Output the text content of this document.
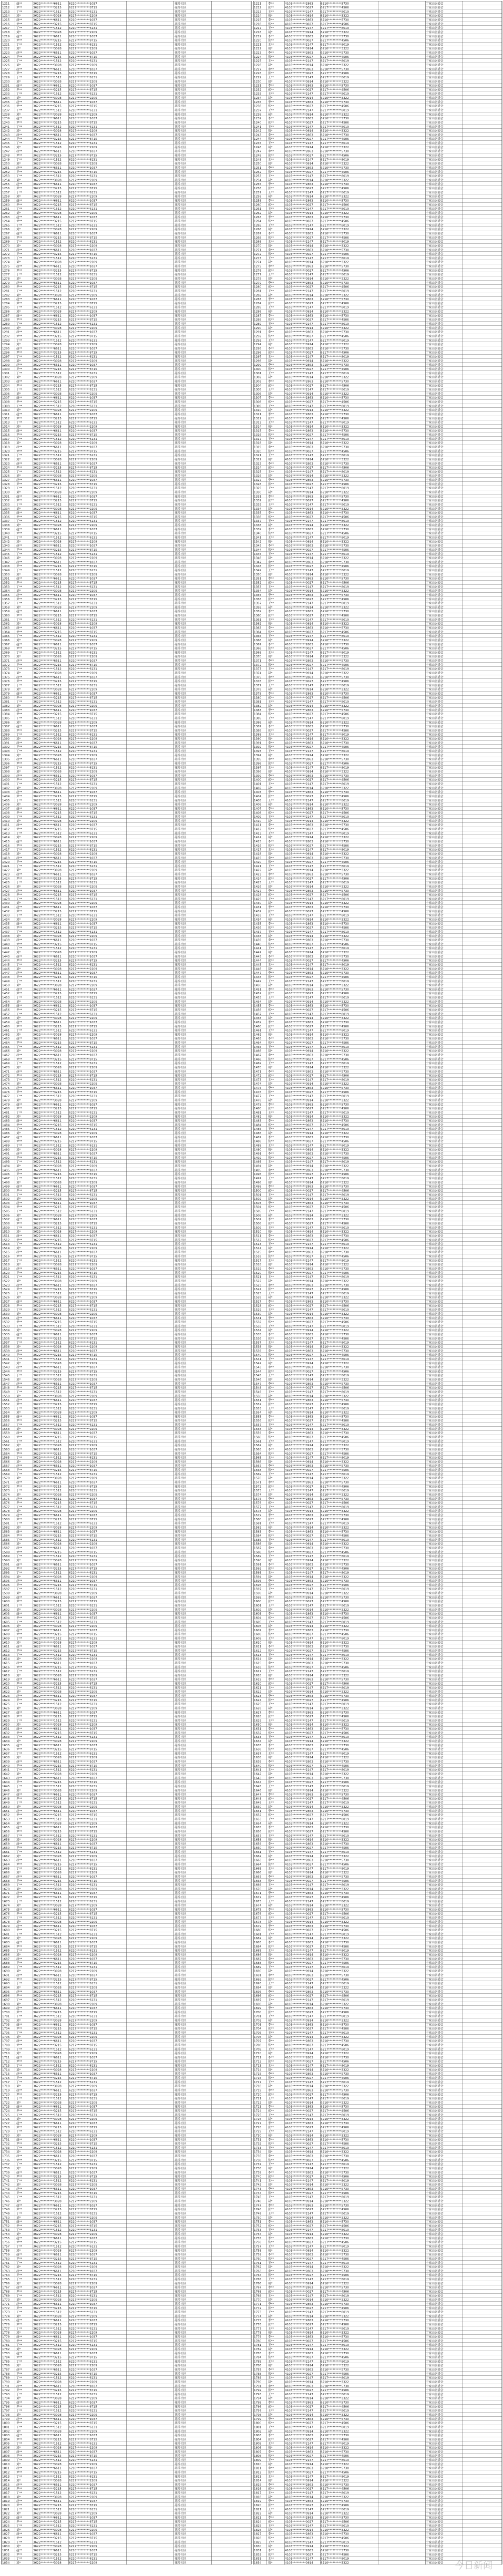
1211 赵**	3622*********6611	6210*********1037	花桥社区	1211 李**	4103*********2863	6210*********5730	宁家山居委会
1212 尹**	3622*********3215	6217*********8715	花桥社区	1212 张**	4103*********0027	6217*********4506	宁家山居委会
1213 丁**	3622*********1512	6210*********6131	花桥社区	1213 王**	4103*********2147	6217*********8019	宁家山居委会
1214 刘*	3622*********3028	6217*********2209	花桥社区	1214 胡*	4103*********0914	6210*********3322	宁家山居委会
1215 赵**	3622*********6611	6210*********1037	花桥社区	1215 李**	4103*********2863	6210*********5730	宁家山居委会
1216 尹**	3622*********3215	6217*********8715	花桥社区	1216 张**	4103*********0027	6217*********4506	宁家山居委会
1217 丁**	3622*********1512	6210*********6131	花桥社区	1217 王**	4103*********2147	6217*********8019	宁家山居委会
1218 刘*	3622*********3028	6217*********2209	花桥社区	1218 胡*	4103*********0914	6210*********3322	宁家山居委会
1219 赵**	3622*********6611	6210*********1037	花桥社区	1219 李**	4103*********2863	6210*********5730	宁家山居委会
1220 尹**	3622*********3215	6217*********8715	花桥社区	1220 张**	4103*********0027	6217*********4506	宁家山居委会
1221 丁**	3622*********1512	6210*********6131	花桥社区	1221 王**	4103*********2147	6217*********8019	宁家山居委会
1222 刘*	3622*********3028	6217*********2209	花桥社区	1222 胡*	4103*********0914	6210*********3322	宁家山居委会
1223 赵**	3622*********6611	6210*********1037	花桥社区	1223 李**	4103*********2863	6210*********5730	宁家山居委会
1224 尹**	3622*********3215	6217*********8715	花桥社区	1224 张**	4103*********0027	6217*********4506	宁家山居委会
1225 丁**	3622*********1512	6210*********6131	花桥社区	1225 王**	4103*********2147	6217*********8019	宁家山居委会
1226 刘*	3622*********3028	6217*********2209	花桥社区	1226 胡*	4103*********0914	6210*********3322	宁家山居委会
1227 赵**	3622*********6611	6210*********1037	花桥社区	1227 李**	4103*********2863	6210*********5730	宁家山居委会
1228 尹**	3622*********3215	6217*********8715	花桥社区	1228 张**	4103*********0027	6217*********4506	宁家山居委会
1229 丁**	3622*********1512	6210*********6131	花桥社区	1229 王**	4103*********2147	6217*********8019	宁家山居委会
1230 刘*	3622*********3028	6217*********2209	花桥社区	1230 胡*	4103*********0914	6210*********3322	宁家山居委会
1231 赵**	3622*********6611	6210*********1037	花桥社区	1231 李**	4103*********2863	6210*********5730	宁家山居委会
1232 尹**	3622*********3215	6217*********8715	花桥社区	1232 张**	4103*********0027	6217*********4506	宁家山居委会
1233 丁**	3622*********1512	6210*********6131	花桥社区	1233 王**	4103*********2147	6217*********8019	宁家山居委会
1234 刘*	3622*********3028	6217*********2209	花桥社区	1234 胡*	4103*********0914	6210*********3322	宁家山居委会
1235 赵**	3622*********6611	6210*********1037	花桥社区	1235 李**	4103*********2863	6210*********5730	宁家山居委会
1236 尹**	3622*********3215	6217*********8715	花桥社区	1236 张**	4103*********0027	6217*********4506	宁家山居委会
1237 丁**	3622*********1512	6210*********6131	花桥社区	1237 王**	4103*********2147	6217*********8019	宁家山居委会
1238 刘*	3622*********3028	6217*********2209	花桥社区	1238 胡*	4103*********0914	6210*********3322	宁家山居委会
1239 赵**	3622*********6611	6210*********1037	花桥社区	1239 李**	4103*********2863	6210*********5730	宁家山居委会
1240 尹**	3622*********3215	6217*********8715	花桥社区	1240 张**	4103*********0027	6217*********4506	宁家山居委会
1241 丁**	3622*********1512	6210*********6131	花桥社区	1241 王**	4103*********2147	6217*********8019	宁家山居委会
1242 刘*	3622*********3028	6217*********2209	花桥社区	1242 胡*	4103*********0914	6210*********3322	宁家山居委会
1243 赵**	3622*********6611	6210*********1037	花桥社区	1243 李**	4103*********2863	6210*********5730	宁家山居委会
1244 尹**	3622*********3215	6217*********8715	花桥社区	1244 张**	4103*********0027	6217*********4506	宁家山居委会
1245 丁**	3622*********1512	6210*********6131	花桥社区	1245 王**	4103*********2147	6217*********8019	宁家山居委会
1246 刘*	3622*********3028	6217*********2209	花桥社区	1246 胡*	4103*********0914	6210*********3322	宁家山居委会
1247 赵**	3622*********6611	6210*********1037	花桥社区	1247 李**	4103*********2863	6210*********5730	宁家山居委会
1248 尹**	3622*********3215	6217*********8715	花桥社区	1248 张**	4103*********0027	6217*********4506	宁家山居委会
1249 丁**	3622*********1512	6210*********6131	花桥社区	1249 王**	4103*********2147	6217*********8019	宁家山居委会
1250 刘*	3622*********3028	6217*********2209	花桥社区	1250 胡*	4103*********0914	6210*********3322	宁家山居委会
1251 赵**	3622*********6611	6210*********1037	花桥社区	1251 李**	4103*********2863	6210*********5730	宁家山居委会
1252 尹**	3622*********3215	6217*********8715	花桥社区	1252 张**	4103*********0027	6217*********4506	宁家山居委会
1253 丁**	3622*********1512	6210*********6131	花桥社区	1253 王**	4103*********2147	6217*********8019	宁家山居委会
1254 刘*	3622*********3028	6217*********2209	花桥社区	1254 胡*	4103*********0914	6210*********3322	宁家山居委会
1255 赵**	3622*********6611	6210*********1037	花桥社区	1255 李**	4103*********2863	6210*********5730	宁家山居委会
1256 尹**	3622*********3215	6217*********8715	花桥社区	1256 张**	4103*********0027	6217*********4506	宁家山居委会
1257 丁**	3622*********1512	6210*********6131	花桥社区	1257 王**	4103*********2147	6217*********8019	宁家山居委会
1258 刘*	3622*********3028	6217*********2209	花桥社区	1258 胡*	4103*********0914	6210*********3322	宁家山居委会
1259 赵**	3622*********6611	6210*********1037	花桥社区	1259 李**	4103*********2863	6210*********5730	宁家山居委会
1260 尹**	3622*********3215	6217*********8715	花桥社区	1260 张**	4103*********0027	6217*********4506	宁家山居委会
1261 丁**	3622*********1512	6210*********6131	花桥社区	1261 王**	4103*********2147	6217*********8019	宁家山居委会
1262 刘*	3622*********3028	6217*********2209	花桥社区	1262 胡*	4103*********0914	6210*********3322	宁家山居委会
1263 赵**	3622*********6611	6210*********1037	花桥社区	1263 李**	4103*********2863	6210*********5730	宁家山居委会
1264 尹**	3622*********3215	6217*********8715	花桥社区	1264 张**	4103*********0027	6217*********4506	宁家山居委会
1265 丁**	3622*********1512	6210*********6131	花桥社区	1265 王**	4103*********2147	6217*********8019	宁家山居委会
1266 刘*	3622*********3028	6217*********2209	花桥社区	1266 胡*	4103*********0914	6210*********3322	宁家山居委会
1267 赵**	3622*********6611	6210*********1037	花桥社区	1267 李**	4103*********2863	6210*********5730	宁家山居委会
1268 尹**	3622*********3215	6217*********8715	花桥社区	1268 张**	4103*********0027	6217*********4506	宁家山居委会
1269 丁**	3622*********1512	6210*********6131	花桥社区	1269 王**	4103*********2147	6217*********8019	宁家山居委会
1270 刘*	3622*********3028	6217*********2209	花桥社区	1270 胡*	4103*********0914	6210*********3322	宁家山居委会
1271 赵**	3622*********6611	6210*********1037	花桥社区	1271 李**	4103*********2863	6210*********5730	宁家山居委会
1272 尹**	3622*********3215	6217*********8715	花桥社区	1272 张**	4103*********0027	6217*********4506	宁家山居委会
1273 丁**	3622*********1512	6210*********6131	花桥社区	1273 王**	4103*********2147	6217*********8019	宁家山居委会
1274 刘*	3622*********3028	6217*********2209	花桥社区	1274 胡*	4103*********0914	6210*********3322	宁家山居委会
1275 赵**	3622*********6611	6210*********1037	花桥社区	1275 李**	4103*********2863	6210*********5730	宁家山居委会
1276 尹**	3622*********3215	6217*********8715	花桥社区	1276 张**	4103*********0027	6217*********4506	宁家山居委会
1277 丁**	3622*********1512	6210*********6131	花桥社区	1277 王**	4103*********2147	6217*********8019	宁家山居委会
1278 刘*	3622*********3028	6217*********2209	花桥社区	1278 胡*	4103*********0914	6210*********3322	宁家山居委会
1279 赵**	3622*********6611	6210*********1037	花桥社区	1279 李**	4103*********2863	6210*********5730	宁家山居委会
1280 尹**	3622*********3215	6217*********8715	花桥社区	1280 张**	4103*********0027	6217*********4506	宁家山居委会
1281 丁**	3622*********1512	6210*********6131	花桥社区	1281 王**	4103*********2147	6217*********8019	宁家山居委会
1282 刘*	3622*********3028	6217*********2209	花桥社区	1282 胡*	4103*********0914	6210*********3322	宁家山居委会
1283 赵**	3622*********6611	6210*********1037	花桥社区	1283 李**	4103*********2863	6210*********5730	宁家山居委会
1284 尹**	3622*********3215	6217*********8715	花桥社区	1284 张**	4103*********0027	6217*********4506	宁家山居委会
1285 丁**	3622*********1512	6210*********6131	花桥社区	1285 王**	4103*********2147	6217*********8019	宁家山居委会
1286 刘*	3622*********3028	6217*********2209	花桥社区	1286 胡*	4103*********0914	6210*********3322	宁家山居委会
1287 赵**	3622*********6611	6210*********1037	花桥社区	1287 李**	4103*********2863	6210*********5730	宁家山居委会
1288 尹**	3622*********3215	6217*********8715	花桥社区	1288 张**	4103*********0027	6217*********4506	宁家山居委会
1289 丁**	3622*********1512	6210*********6131	花桥社区	1289 王**	4103*********2147	6217*********8019	宁家山居委会
1290 刘*	3622*********3028	6217*********2209	花桥社区	1290 胡*	4103*********0914	6210*********3322	宁家山居委会
1291 赵**	3622*********6611	6210*********1037	花桥社区	1291 李**	4103*********2863	6210*********5730	宁家山居委会
1292 尹**	3622*********3215	6217*********8715	花桥社区	1292 张**	4103*********0027	6217*********4506	宁家山居委会
1293 丁**	3622*********1512	6210*********6131	花桥社区	1293 王**	4103*********2147	6217*********8019	宁家山居委会
1294 刘*	3622*********3028	6217*********2209	花桥社区	1294 胡*	4103*********0914	6210*********3322	宁家山居委会
1295 赵**	3622*********6611	6210*********1037	花桥社区	1295 李**	4103*********2863	6210*********5730	宁家山居委会
1296 尹**	3622*********3215	6217*********8715	花桥社区	1296 张**	4103*********0027	6217*********4506	宁家山居委会
1297 丁**	3622*********1512	6210*********6131	花桥社区	1297 王**	4103*********2147	6217*********8019	宁家山居委会
1298 刘*	3622*********3028	6217*********2209	花桥社区	1298 胡*	4103*********0914	6210*********3322	宁家山居委会
1299 赵**	3622*********6611	6210*********1037	花桥社区	1299 李**	4103*********2863	6210*********5730	宁家山居委会
1300 尹**	3622*********3215	6217*********8715	花桥社区	1300 张**	4103*********0027	6217*********4506	宁家山居委会
1301 丁**	3622*********1512	6210*********6131	花桥社区	1301 王**	4103*********2147	6217*********8019	宁家山居委会
1302 刘*	3622*********3028	6217*********2209	花桥社区	1302 胡*	4103*********0914	6210*********3322	宁家山居委会
1303 赵**	3622*********6611	6210*********1037	花桥社区	1303 李**	4103*********2863	6210*********5730	宁家山居委会
1304 尹**	3622*********3215	6217*********8715	花桥社区	1304 张**	4103*********0027	6217*********4506	宁家山居委会
1305 丁**	3622*********1512	6210*********6131	花桥社区	1305 王**	4103*********2147	6217*********8019	宁家山居委会
1306 刘*	3622*********3028	6217*********2209	花桥社区	1306 胡*	4103*********0914	6210*********3322	宁家山居委会
1307 赵**	3622*********6611	6210*********1037	花桥社区	1307 李**	4103*********2863	6210*********5730	宁家山居委会
1308 尹**	3622*********3215	6217*********8715	花桥社区	1308 张**	4103*********0027	6217*********4506	宁家山居委会
1309 丁**	3622*********1512	6210*********6131	花桥社区	1309 王**	4103*********2147	6217*********8019	宁家山居委会
1310 刘*	3622*********3028	6217*********2209	花桥社区	1310 胡*	4103*********0914	6210*********3322	宁家山居委会
1311 赵**	3622*********6611	6210*********1037	花桥社区	1311 李**	4103*********2863	6210*********5730	宁家山居委会
1312 尹**	3622*********3215	6217*********8715	花桥社区	1312 张**	4103*********0027	6217*********4506	宁家山居委会
1313 丁**	3622*********1512	6210*********6131	花桥社区	1313 王**	4103*********2147	6217*********8019	宁家山居委会
1314 刘*	3622*********3028	6217*********2209	花桥社区	1314 胡*	4103*********0914	6210*********3322	宁家山居委会
1315 赵**	3622*********6611	6210*********1037	花桥社区	1315 李**	4103*********2863	6210*********5730	宁家山居委会
1316 尹**	3622*********3215	6217*********8715	花桥社区	1316 张**	4103*********0027	6217*********4506	宁家山居委会
1317 丁**	3622*********1512	6210*********6131	花桥社区	1317 王**	4103*********2147	6217*********8019	宁家山居委会
1318 刘*	3622*********3028	6217*********2209	花桥社区	1318 胡*	4103*********0914	6210*********3322	宁家山居委会
1319 赵**	3622*********6611	6210*********1037	花桥社区	1319 李**	4103*********2863	6210*********5730	宁家山居委会
1320 尹**	3622*********3215	6217*********8715	花桥社区	1320 张**	4103*********0027	6217*********4506	宁家山居委会
1321 丁**	3622*********1512	6210*********6131	花桥社区	1321 王**	4103*********2147	6217*********8019	宁家山居委会
1322 刘*	3622*********3028	6217*********2209	花桥社区	1322 胡*	4103*********0914	6210*********3322	宁家山居委会
1323 赵**	3622*********6611	6210*********1037	花桥社区	1323 李**	4103*********2863	6210*********5730	宁家山居委会
1324 尹**	3622*********3215	6217*********8715	花桥社区	1324 张**	4103*********0027	6217*********4506	宁家山居委会
1325 丁**	3622*********1512	6210*********6131	花桥社区	1325 王**	4103*********2147	6217*********8019	宁家山居委会
1326 刘*	3622*********3028	6217*********2209	花桥社区	1326 胡*	4103*********0914	6210*********3322	宁家山居委会
1327 赵**	3622*********6611	6210*********1037	花桥社区	1327 李**	4103*********2863	6210*********5730	宁家山居委会
1328 尹**	3622*********3215	6217*********8715	花桥社区	1328 张**	4103*********0027	6217*********4506	宁家山居委会
1329 丁**	3622*********1512	6210*********6131	花桥社区	1329 王**	4103*********2147	6217*********8019	宁家山居委会
1330 刘*	3622*********3028	6217*********2209	花桥社区	1330 胡*	4103*********0914	6210*********3322	宁家山居委会
1331 赵**	3622*********6611	6210*********1037	花桥社区	1331 李**	4103*********2863	6210*********5730	宁家山居委会
1332 尹**	3622*********3215	6217*********8715	花桥社区	1332 张**	4103*********0027	6217*********4506	宁家山居委会
1333 丁**	3622*********1512	6210*********6131	花桥社区	1333 王**	4103*********2147	6217*********8019	宁家山居委会
1334 刘*	3622*********3028	6217*********2209	花桥社区	1334 胡*	4103*********0914	6210*********3322	宁家山居委会
1335 赵**	3622*********6611	6210*********1037	花桥社区	1335 李**	4103*********2863	6210*********5730	宁家山居委会
1336 尹**	3622*********3215	6217*********8715	花桥社区	1336 张**	4103*********0027	6217*********4506	宁家山居委会
1337 丁**	3622*********1512	6210*********6131	花桥社区	1337 王**	4103*********2147	6217*********8019	宁家山居委会
1338 刘*	3622*********3028	6217*********2209	花桥社区	1338 胡*	4103*********0914	6210*********3322	宁家山居委会
1339 赵**	3622*********6611	6210*********1037	花桥社区	1339 李**	4103*********2863	6210*********5730	宁家山居委会
1340 尹**	3622*********3215	6217*********8715	花桥社区	1340 张**	4103*********0027	6217*********4506	宁家山居委会
1341 丁**	3622*********1512	6210*********6131	花桥社区	1341 王**	4103*********2147	6217*********8019	宁家山居委会
1342 刘*	3622*********3028	6217*********2209	花桥社区	1342 胡*	4103*********0914	6210*********3322	宁家山居委会
1343 赵**	3622*********6611	6210*********1037	花桥社区	1343 李**	4103*********2863	6210*********5730	宁家山居委会
1344 尹**	3622*********3215	6217*********8715	花桥社区	1344 张**	4103*********0027	6217*********4506	宁家山居委会
1345 丁**	3622*********1512	6210*********6131	花桥社区	1345 王**	4103*********2147	6217*********8019	宁家山居委会
1346 刘*	3622*********3028	6217*********2209	花桥社区	1346 胡*	4103*********0914	6210*********3322	宁家山居委会
1347 赵**	3622*********6611	6210*********1037	花桥社区	1347 李**	4103*********2863	6210*********5730	宁家山居委会
1348 尹**	3622*********3215	6217*********8715	花桥社区	1348 张**	4103*********0027	6217*********4506	宁家山居委会
1349 丁**	3622*********1512	6210*********6131	花桥社区	1349 王**	4103*********2147	6217*********8019	宁家山居委会
1350 刘*	3622*********3028	6217*********2209	花桥社区	1350 胡*	4103*********0914	6210*********3322	宁家山居委会
1351 赵**	3622*********6611	6210*********1037	花桥社区	1351 李**	4103*********2863	6210*********5730	宁家山居委会
1352 尹**	3622*********3215	6217*********8715	花桥社区	1352 张**	4103*********0027	6217*********4506	宁家山居委会
1353 丁**	3622*********1512	6210*********6131	花桥社区	1353 王**	4103*********2147	6217*********8019	宁家山居委会
1354 刘*	3622*********3028	6217*********2209	花桥社区	1354 胡*	4103*********0914	6210*********3322	宁家山居委会
1355 赵**	3622*********6611	6210*********1037	花桥社区	1355 李**	4103*********2863	6210*********5730	宁家山居委会
1356 尹**	3622*********3215	6217*********8715	花桥社区	1356 张**	4103*********0027	6217*********4506	宁家山居委会
1357 丁**	3622*********1512	6210*********6131	花桥社区	1357 王**	4103*********2147	6217*********8019	宁家山居委会
1358 刘*	3622*********3028	6217*********2209	花桥社区	1358 胡*	4103*********0914	6210*********3322	宁家山居委会
1359 赵**	3622*********6611	6210*********1037	花桥社区	1359 李**	4103*********2863	6210*********5730	宁家山居委会
1360 尹**	3622*********3215	6217*********8715	花桥社区	1360 张**	4103*********0027	6217*********4506	宁家山居委会
1361 丁**	3622*********1512	6210*********6131	花桥社区	1361 王**	4103*********2147	6217*********8019	宁家山居委会
1362 刘*	3622*********3028	6217*********2209	花桥社区	1362 胡*	4103*********0914	6210*********3322	宁家山居委会
1363 赵**	3622*********6611	6210*********1037	花桥社区	1363 李**	4103*********2863	6210*********5730	宁家山居委会
1364 尹**	3622*********3215	6217*********8715	花桥社区	1364 张**	4103*********0027	6217*********4506	宁家山居委会
1365 丁**	3622*********1512	6210*********6131	花桥社区	1365 王**	4103*********2147	6217*********8019	宁家山居委会
1366 刘*	3622*********3028	6217*********2209	花桥社区	1366 胡*	4103*********0914	6210*********3322	宁家山居委会
1367 赵**	3622*********6611	6210*********1037	花桥社区	1367 李**	4103*********2863	6210*********5730	宁家山居委会
1368 尹**	3622*********3215	6217*********8715	花桥社区	1368 张**	4103*********0027	6217*********4506	宁家山居委会
1369 丁**	3622*********1512	6210*********6131	花桥社区	1369 王**	4103*********2147	6217*********8019	宁家山居委会
1370 刘*	3622*********3028	6217*********2209	花桥社区	1370 胡*	4103*********0914	6210*********3322	宁家山居委会
1371 赵**	3622*********6611	6210*********1037	花桥社区	1371 李**	4103*********2863	6210*********5730	宁家山居委会
1372 尹**	3622*********3215	6217*********8715	花桥社区	1372 张**	4103*********0027	6217*********4506	宁家山居委会
1373 丁**	3622*********1512	6210*********6131	花桥社区	1373 王**	4103*********2147	6217*********8019	宁家山居委会
1374 刘*	3622*********3028	6217*********2209	花桥社区	1374 胡*	4103*********0914	6210*********3322	宁家山居委会
1375 赵**	3622*********6611	6210*********1037	花桥社区	1375 李**	4103*********2863	6210*********5730	宁家山居委会
1376 尹**	3622*********3215	6217*********8715	花桥社区	1376 张**	4103*********0027	6217*********4506	宁家山居委会
1377 丁**	3622*********1512	6210*********6131	花桥社区	1377 王**	4103*********2147	6217*********8019	宁家山居委会
1378 刘*	3622*********3028	6217*********2209	花桥社区	1378 胡*	4103*********0914	6210*********3322	宁家山居委会
1379 赵**	3622*********6611	6210*********1037	花桥社区	1379 李**	4103*********2863	6210*********5730	宁家山居委会
1380 尹**	3622*********3215	6217*********8715	花桥社区	1380 张**	4103*********0027	6217*********4506	宁家山居委会
1381 丁**	3622*********1512	6210*********6131	花桥社区	1381 王**	4103*********2147	6217*********8019	宁家山居委会
1382 刘*	3622*********3028	6217*********2209	花桥社区	1382 胡*	4103*********0914	6210*********3322	宁家山居委会
1383 赵**	3622*********6611	6210*********1037	花桥社区	1383 李**	4103*********2863	6210*********5730	宁家山居委会
1384 尹**	3622*********3215	6217*********8715	花桥社区	1384 张**	4103*********0027	6217*********4506	宁家山居委会
1385 丁**	3622*********1512	6210*********6131	花桥社区	1385 王**	4103*********2147	6217*********8019	宁家山居委会
1386 刘*	3622*********3028	6217*********2209	花桥社区	1386 胡*	4103*********0914	6210*********3322	宁家山居委会
1387 赵**	3622*********6611	6210*********1037	花桥社区	1387 李**	4103*********2863	6210*********5730	宁家山居委会
1388 尹**	3622*********3215	6217*********8715	花桥社区	1388 张**	4103*********0027	6217*********4506	宁家山居委会
1389 丁**	3622*********1512	6210*********6131	花桥社区	1389 王**	4103*********2147	6217*********8019	宁家山居委会
1390 刘*	3622*********3028	6217*********2209	花桥社区	1390 胡*	4103*********0914	6210*********3322	宁家山居委会
1391 赵**	3622*********6611	6210*********1037	花桥社区	1391 李**	4103*********2863	6210*********5730	宁家山居委会
1392 尹**	3622*********3215	6217*********8715	花桥社区	1392 张**	4103*********0027	6217*********4506	宁家山居委会
1393 丁**	3622*********1512	6210*********6131	花桥社区	1393 王**	4103*********2147	6217*********8019	宁家山居委会
1394 刘*	3622*********3028	6217*********2209	花桥社区	1394 胡*	4103*********0914	6210*********3322	宁家山居委会
1395 赵**	3622*********6611	6210*********1037	花桥社区	1395 李**	4103*********2863	6210*********5730	宁家山居委会
1396 尹**	3622*********3215	6217*********8715	花桥社区	1396 张**	4103*********0027	6217*********4506	宁家山居委会
1397 丁**	3622*********1512	6210*********6131	花桥社区	1397 王**	4103*********2147	6217*********8019	宁家山居委会
1398 刘*	3622*********3028	6217*********2209	花桥社区	1398 胡*	4103*********0914	6210*********3322	宁家山居委会
1399 赵**	3622*********6611	6210*********1037	花桥社区	1399 李**	4103*********2863	6210*********5730	宁家山居委会
1400 尹**	3622*********3215	6217*********8715	花桥社区	1400 张**	4103*********0027	6217*********4506	宁家山居委会
1401 丁**	3622*********1512	6210*********6131	花桥社区	1401 王**	4103*********2147	6217*********8019	宁家山居委会
1402 刘*	3622*********3028	6217*********2209	花桥社区	1402 胡*	4103*********0914	6210*********3322	宁家山居委会
1403 赵**	3622*********6611	6210*********1037	花桥社区	1403 李**	4103*********2863	6210*********5730	宁家山居委会
1404 尹**	3622*********3215	6217*********8715	花桥社区	1404 张**	4103*********0027	6217*********4506	宁家山居委会
1405 丁**	3622*********1512	6210*********6131	花桥社区	1405 王**	4103*********2147	6217*********8019	宁家山居委会
1406 刘*	3622*********3028	6217*********2209	花桥社区	1406 胡*	4103*********0914	6210*********3322	宁家山居委会
1407 赵**	3622*********6611	6210*********1037	花桥社区	1407 李**	4103*********2863	6210*********5730	宁家山居委会
1408 尹**	3622*********3215	6217*********8715	花桥社区	1408 张**	4103*********0027	6217*********4506	宁家山居委会
1409 丁**	3622*********1512	6210*********6131	花桥社区	1409 王**	4103*********2147	6217*********8019	宁家山居委会
1410 刘*	3622*********3028	6217*********2209	花桥社区	1410 胡*	4103*********0914	6210*********3322	宁家山居委会
1411 赵**	3622*********6611	6210*********1037	花桥社区	1411 李**	4103*********2863	6210*********5730	宁家山居委会
1412 尹**	3622*********3215	6217*********8715	花桥社区	1412 张**	4103*********0027	6217*********4506	宁家山居委会
1413 丁**	3622*********1512	6210*********6131	花桥社区	1413 王**	4103*********2147	6217*********8019	宁家山居委会
1414 刘*	3622*********3028	6217*********2209	花桥社区	1414 胡*	4103*********0914	6210*********3322	宁家山居委会
1415 赵**	3622*********6611	6210*********1037	花桥社区	1415 李**	4103*********2863	6210*********5730	宁家山居委会
1416 尹**	3622*********3215	6217*********8715	花桥社区	1416 张**	4103*********0027	6217*********4506	宁家山居委会
1417 丁**	3622*********1512	6210*********6131	花桥社区	1417 王**	4103*********2147	6217*********8019	宁家山居委会
1418 刘*	3622*********3028	6217*********2209	花桥社区	1418 胡*	4103*********0914	6210*********3322	宁家山居委会
1419 赵**	3622*********6611	6210*********1037	花桥社区	1419 李**	4103*********2863	6210*********5730	宁家山居委会
1420 尹**	3622*********3215	6217*********8715	花桥社区	1420 张**	4103*********0027	6217*********4506	宁家山居委会
1421 丁**	3622*********1512	6210*********6131	花桥社区	1421 王**	4103*********2147	6217*********8019	宁家山居委会
1422 刘*	3622*********3028	6217*********2209	花桥社区	1422 胡*	4103*********0914	6210*********3322	宁家山居委会
1423 赵**	3622*********6611	6210*********1037	花桥社区	1423 李**	4103*********2863	6210*********5730	宁家山居委会
1424 尹**	3622*********3215	6217*********8715	花桥社区	1424 张**	4103*********0027	6217*********4506	宁家山居委会
1425 丁**	3622*********1512	6210*********6131	花桥社区	1425 王**	4103*********2147	6217*********8019	宁家山居委会
1426 刘*	3622*********3028	6217*********2209	花桥社区	1426 胡*	4103*********0914	6210*********3322	宁家山居委会
1427 赵**	3622*********6611	6210*********1037	花桥社区	1427 李**	4103*********2863	6210*********5730	宁家山居委会
1428 尹**	3622*********3215	6217*********8715	花桥社区	1428 张**	4103*********0027	6217*********4506	宁家山居委会
1429 丁**	3622*********1512	6210*********6131	花桥社区	1429 王**	4103*********2147	6217*********8019	宁家山居委会
1430 刘*	3622*********3028	6217*********2209	花桥社区	1430 胡*	4103*********0914	6210*********3322	宁家山居委会
1431 赵**	3622*********6611	6210*********1037	花桥社区	1431 李**	4103*********2863	6210*********5730	宁家山居委会
1432 尹**	3622*********3215	6217*********8715	花桥社区	1432 张**	4103*********0027	6217*********4506	宁家山居委会
1433 丁**	3622*********1512	6210*********6131	花桥社区	1433 王**	4103*********2147	6217*********8019	宁家山居委会
1434 刘*	3622*********3028	6217*********2209	花桥社区	1434 胡*	4103*********0914	6210*********3322	宁家山居委会
1435 赵**	3622*********6611	6210*********1037	花桥社区	1435 李**	4103*********2863	6210*********5730	宁家山居委会
1436 尹**	3622*********3215	6217*********8715	花桥社区	1436 张**	4103*********0027	6217*********4506	宁家山居委会
1437 丁**	3622*********1512	6210*********6131	花桥社区	1437 王**	4103*********2147	6217*********8019	宁家山居委会
1438 刘*	3622*********3028	6217*********2209	花桥社区	1438 胡*	4103*********0914	6210*********3322	宁家山居委会
1439 赵**	3622*********6611	6210*********1037	花桥社区	1439 李**	4103*********2863	6210*********5730	宁家山居委会
1440 尹**	3622*********3215	6217*********8715	花桥社区	1440 张**	4103*********0027	6217*********4506	宁家山居委会
1441 丁**	3622*********1512	6210*********6131	花桥社区	1441 王**	4103*********2147	6217*********8019	宁家山居委会
1442 刘*	3622*********3028	6217*********2209	花桥社区	1442 胡*	4103*********0914	6210*********3322	宁家山居委会
1443 赵**	3622*********6611	6210*********1037	花桥社区	1443 李**	4103*********2863	6210*********5730	宁家山居委会
1444 尹**	3622*********3215	6217*********8715	花桥社区	1444 张**	4103*********0027	6217*********4506	宁家山居委会
1445 丁**	3622*********1512	6210*********6131	花桥社区	1445 王**	4103*********2147	6217*********8019	宁家山居委会
1446 刘*	3622*********3028	6217*********2209	花桥社区	1446 胡*	4103*********0914	6210*********3322	宁家山居委会
1447 赵**	3622*********6611	6210*********1037	花桥社区	1447 李**	4103*********2863	6210*********5730	宁家山居委会
1448 尹**	3622*********3215	6217*********8715	花桥社区	1448 张**	4103*********0027	6217*********4506	宁家山居委会
1449 丁**	3622*********1512	6210*********6131	花桥社区	1449 王**	4103*********2147	6217*********8019	宁家山居委会
1450 刘*	3622*********3028	6217*********2209	花桥社区	1450 胡*	4103*********0914	6210*********3322	宁家山居委会
1451 赵**	3622*********6611	6210*********1037	花桥社区	1451 李**	4103*********2863	6210*********5730	宁家山居委会
1452 尹**	3622*********3215	6217*********8715	花桥社区	1452 张**	4103*********0027	6217*********4506	宁家山居委会
1453 丁**	3622*********1512	6210*********6131	花桥社区	1453 王**	4103*********2147	6217*********8019	宁家山居委会
1454 刘*	3622*********3028	6217*********2209	花桥社区	1454 胡*	4103*********0914	6210*********3322	宁家山居委会
1455 赵**	3622*********6611	6210*********1037	花桥社区	1455 李**	4103*********2863	6210*********5730	宁家山居委会
1456 尹**	3622*********3215	6217*********8715	花桥社区	1456 张**	4103*********0027	6217*********4506	宁家山居委会
1457 丁**	3622*********1512	6210*********6131	花桥社区	1457 王**	4103*********2147	6217*********8019	宁家山居委会
1458 刘*	3622*********3028	6217*********2209	花桥社区	1458 胡*	4103*********0914	6210*********3322	宁家山居委会
1459 赵**	3622*********6611	6210*********1037	花桥社区	1459 李**	4103*********2863	6210*********5730	宁家山居委会
1460 尹**	3622*********3215	6217*********8715	花桥社区	1460 张**	4103*********0027	6217*********4506	宁家山居委会
1461 丁**	3622*********1512	6210*********6131	花桥社区	1461 王**	4103*********2147	6217*********8019	宁家山居委会
1462 刘*	3622*********3028	6217*********2209	花桥社区	1462 胡*	4103*********0914	6210*********3322	宁家山居委会
1463 赵**	3622*********6611	6210*********1037	花桥社区	1463 李**	4103*********2863	6210*********5730	宁家山居委会
1464 尹**	3622*********3215	6217*********8715	花桥社区	1464 张**	4103*********0027	6217*********4506	宁家山居委会
1465 丁**	3622*********1512	6210*********6131	花桥社区	1465 王**	4103*********2147	6217*********8019	宁家山居委会
1466 刘*	3622*********3028	6217*********2209	花桥社区	1466 胡*	4103*********0914	6210*********3322	宁家山居委会
1467 赵**	3622*********6611	6210*********1037	花桥社区	1467 李**	4103*********2863	6210*********5730	宁家山居委会
1468 尹**	3622*********3215	6217*********8715	花桥社区	1468 张**	4103*********0027	6217*********4506	宁家山居委会
1469 丁**	3622*********1512	6210*********6131	花桥社区	1469 王**	4103*********2147	6217*********8019	宁家山居委会
1470 刘*	3622*********3028	6217*********2209	花桥社区	1470 胡*	4103*********0914	6210*********3322	宁家山居委会
1471 赵**	3622*********6611	6210*********1037	花桥社区	1471 李**	4103*********2863	6210*********5730	宁家山居委会
1472 尹**	3622*********3215	6217*********8715	花桥社区	1472 张**	4103*********0027	6217*********4506	宁家山居委会
1473 丁**	3622*********1512	6210*********6131	花桥社区	1473 王**	4103*********2147	6217*********8019	宁家山居委会
1474 刘*	3622*********3028	6217*********2209	花桥社区	1474 胡*	4103*********0914	6210*********3322	宁家山居委会
1475 赵**	3622*********6611	6210*********1037	花桥社区	1475 李**	4103*********2863	6210*********5730	宁家山居委会
1476 尹**	3622*********3215	6217*********8715	花桥社区	1476 张**	4103*********0027	6217*********4506	宁家山居委会
1477 丁**	3622*********1512	6210*********6131	花桥社区	1477 王**	4103*********2147	6217*********8019	宁家山居委会
1478 刘*	3622*********3028	6217*********2209	花桥社区	1478 胡*	4103*********0914	6210*********3322	宁家山居委会
1479 赵**	3622*********6611	6210*********1037	花桥社区	1479 李**	4103*********2863	6210*********5730	宁家山居委会
1480 尹**	3622*********3215	6217*********8715	花桥社区	1480 张**	4103*********0027	6217*********4506	宁家山居委会
1481 丁**	3622*********1512	6210*********6131	花桥社区	1481 王**	4103*********2147	6217*********8019	宁家山居委会
1482 刘*	3622*********3028	6217*********2209	花桥社区	1482 胡*	4103*********0914	6210*********3322	宁家山居委会
1483 赵**	3622*********6611	6210*********1037	花桥社区	1483 李**	4103*********2863	6210*********5730	宁家山居委会
1484 尹**	3622*********3215	6217*********8715	花桥社区	1484 张**	4103*********0027	6217*********4506	宁家山居委会
1485 丁**	3622*********1512	6210*********6131	花桥社区	1485 王**	4103*********2147	6217*********8019	宁家山居委会
1486 刘*	3622*********3028	6217*********2209	花桥社区	1486 胡*	4103*********0914	6210*********3322	宁家山居委会
1487 赵**	3622*********6611	6210*********1037	花桥社区	1487 李**	4103*********2863	6210*********5730	宁家山居委会
1488 尹**	3622*********3215	6217*********8715	花桥社区	1488 张**	4103*********0027	6217*********4506	宁家山居委会
1489 丁**	3622*********1512	6210*********6131	花桥社区	1489 王**	4103*********2147	6217*********8019	宁家山居委会
1490 刘*	3622*********3028	6217*********2209	花桥社区	1490 胡*	4103*********0914	6210*********3322	宁家山居委会
1491 赵**	3622*********6611	6210*********1037	花桥社区	1491 李**	4103*********2863	6210*********5730	宁家山居委会
1492 尹**	3622*********3215	6217*********8715	花桥社区	1492 张**	4103*********0027	6217*********4506	宁家山居委会
1493 丁**	3622*********1512	6210*********6131	花桥社区	1493 王**	4103*********2147	6217*********8019	宁家山居委会
1494 刘*	3622*********3028	6217*********2209	花桥社区	1494 胡*	4103*********0914	6210*********3322	宁家山居委会
1495 赵**	3622*********6611	6210*********1037	花桥社区	1495 李**	4103*********2863	6210*********5730	宁家山居委会
1496 尹**	3622*********3215	6217*********8715	花桥社区	1496 张**	4103*********0027	6217*********4506	宁家山居委会
1497 丁**	3622*********1512	6210*********6131	花桥社区	1497 王**	4103*********2147	6217*********8019	宁家山居委会
1498 刘*	3622*********3028	6217*********2209	花桥社区	1498 胡*	4103*********0914	6210*********3322	宁家山居委会
1499 赵**	3622*********6611	6210*********1037	花桥社区	1499 李**	4103*********2863	6210*********5730	宁家山居委会
1500 尹**	3622*********3215	6217*********8715	花桥社区	1500 张**	4103*********0027	6217*********4506	宁家山居委会
1501 丁**	3622*********1512	6210*********6131	花桥社区	1501 王**	4103*********2147	6217*********8019	宁家山居委会
1502 刘*	3622*********3028	6217*********2209	花桥社区	1502 胡*	4103*********0914	6210*********3322	宁家山居委会
1503 赵**	3622*********6611	6210*********1037	花桥社区	1503 李**	4103*********2863	6210*********5730	宁家山居委会
1504 尹**	3622*********3215	6217*********8715	花桥社区	1504 张**	4103*********0027	6217*********4506	宁家山居委会
1505 丁**	3622*********1512	6210*********6131	花桥社区	1505 王**	4103*********2147	6217*********8019	宁家山居委会
1506 刘*	3622*********3028	6217*********2209	花桥社区	1506 胡*	4103*********0914	6210*********3322	宁家山居委会
1507 赵**	3622*********6611	6210*********1037	花桥社区	1507 李**	4103*********2863	6210*********5730	宁家山居委会
1508 尹**	3622*********3215	6217*********8715	花桥社区	1508 张**	4103*********0027	6217*********4506	宁家山居委会
1509 丁**	3622*********1512	6210*********6131	花桥社区	1509 王**	4103*********2147	6217*********8019	宁家山居委会
1510 刘*	3622*********3028	6217*********2209	花桥社区	1510 胡*	4103*********0914	6210*********3322	宁家山居委会
1511 赵**	3622*********6611	6210*********1037	花桥社区	1511 李**	4103*********2863	6210*********5730	宁家山居委会
1512 尹**	3622*********3215	6217*********8715	花桥社区	1512 张**	4103*********0027	6217*********4506	宁家山居委会
1513 丁**	3622*********1512	6210*********6131	花桥社区	1513 王**	4103*********2147	6217*********8019	宁家山居委会
1514 刘*	3622*********3028	6217*********2209	花桥社区	1514 胡*	4103*********0914	6210*********3322	宁家山居委会
1515 赵**	3622*********6611	6210*********1037	花桥社区	1515 李**	4103*********2863	6210*********5730	宁家山居委会
1516 尹**	3622*********3215	6217*********8715	花桥社区	1516 张**	4103*********0027	6217*********4506	宁家山居委会
1517 丁**	3622*********1512	6210*********6131	花桥社区	1517 王**	4103*********2147	6217*********8019	宁家山居委会
1518 刘*	3622*********3028	6217*********2209	花桥社区	1518 胡*	4103*********0914	6210*********3322	宁家山居委会
1519 赵**	3622*********6611	6210*********1037	花桥社区	1519 李**	4103*********2863	6210*********5730	宁家山居委会
1520 尹**	3622*********3215	6217*********8715	花桥社区	1520 张**	4103*********0027	6217*********4506	宁家山居委会
1521 丁**	3622*********1512	6210*********6131	花桥社区	1521 王**	4103*********2147	6217*********8019	宁家山居委会
1522 刘*	3622*********3028	6217*********2209	花桥社区	1522 胡*	4103*********0914	6210*********3322	宁家山居委会
1523 赵**	3622*********6611	6210*********1037	花桥社区	1523 李**	4103*********2863	6210*********5730	宁家山居委会
1524 尹**	3622*********3215	6217*********8715	花桥社区	1524 张**	4103*********0027	6217*********4506	宁家山居委会
1525 丁**	3622*********1512	6210*********6131	花桥社区	1525 王**	4103*********2147	6217*********8019	宁家山居委会
1526 刘*	3622*********3028	6217*********2209	花桥社区	1526 胡*	4103*********0914	6210*********3322	宁家山居委会
1527 赵**	3622*********6611	6210*********1037	花桥社区	1527 李**	4103*********2863	6210*********5730	宁家山居委会
1528 尹**	3622*********3215	6217*********8715	花桥社区	1528 张**	4103*********0027	6217*********4506	宁家山居委会
1529 丁**	3622*********1512	6210*********6131	花桥社区	1529 王**	4103*********2147	6217*********8019	宁家山居委会
1530 刘*	3622*********3028	6217*********2209	花桥社区	1530 胡*	4103*********0914	6210*********3322	宁家山居委会
1531 赵**	3622*********6611	6210*********1037	花桥社区	1531 李**	4103*********2863	6210*********5730	宁家山居委会
1532 尹**	3622*********3215	6217*********8715	花桥社区	1532 张**	4103*********0027	6217*********4506	宁家山居委会
1533 丁**	3622*********1512	6210*********6131	花桥社区	1533 王**	4103*********2147	6217*********8019	宁家山居委会
1534 刘*	3622*********3028	6217*********2209	花桥社区	1534 胡*	4103*********0914	6210*********3322	宁家山居委会
1535 赵**	3622*********6611	6210*********1037	花桥社区	1535 李**	4103*********2863	6210*********5730	宁家山居委会
1536 尹**	3622*********3215	6217*********8715	花桥社区	1536 张**	4103*********0027	6217*********4506	宁家山居委会
1537 丁**	3622*********1512	6210*********6131	花桥社区	1537 王**	4103*********2147	6217*********8019	宁家山居委会
1538 刘*	3622*********3028	6217*********2209	花桥社区	1538 胡*	4103*********0914	6210*********3322	宁家山居委会
1539 赵**	3622*********6611	6210*********1037	花桥社区	1539 李**	4103*********2863	6210*********5730	宁家山居委会
1540 尹**	3622*********3215	6217*********8715	花桥社区	1540 张**	4103*********0027	6217*********4506	宁家山居委会
1541 丁**	3622*********1512	6210*********6131	花桥社区	1541 王**	4103*********2147	6217*********8019	宁家山居委会
1542 刘*	3622*********3028	6217*********2209	花桥社区	1542 胡*	4103*********0914	6210*********3322	宁家山居委会
1543 赵**	3622*********6611	6210*********1037	花桥社区	1543 李**	4103*********2863	6210*********5730	宁家山居委会
1544 尹**	3622*********3215	6217*********8715	花桥社区	1544 张**	4103*********0027	6217*********4506	宁家山居委会
1545 丁**	3622*********1512	6210*********6131	花桥社区	1545 王**	4103*********2147	6217*********8019	宁家山居委会
1546 刘*	3622*********3028	6217*********2209	花桥社区	1546 胡*	4103*********0914	6210*********3322	宁家山居委会
1547 赵**	3622*********6611	6210*********1037	花桥社区	1547 李**	4103*********2863	6210*********5730	宁家山居委会
1548 尹**	3622*********3215	6217*********8715	花桥社区	1548 张**	4103*********0027	6217*********4506	宁家山居委会
1549 丁**	3622*********1512	6210*********6131	花桥社区	1549 王**	4103*********2147	6217*********8019	宁家山居委会
1550 刘*	3622*********3028	6217*********2209	花桥社区	1550 胡*	4103*********0914	6210*********3322	宁家山居委会
1551 赵**	3622*********6611	6210*********1037	花桥社区	1551 李**	4103*********2863	6210*********5730	宁家山居委会
1552 尹**	3622*********3215	6217*********8715	花桥社区	1552 张**	4103*********0027	6217*********4506	宁家山居委会
1553 丁**	3622*********1512	6210*********6131	花桥社区	1553 王**	4103*********2147	6217*********8019	宁家山居委会
1554 刘*	3622*********3028	6217*********2209	花桥社区	1554 胡*	4103*********0914	6210*********3322	宁家山居委会
1555 赵**	3622*********6611	6210*********1037	花桥社区	1555 李**	4103*********2863	6210*********5730	宁家山居委会
1556 尹**	3622*********3215	6217*********8715	花桥社区	1556 张**	4103*********0027	6217*********4506	宁家山居委会
1557 丁**	3622*********1512	6210*********6131	花桥社区	1557 王**	4103*********2147	6217*********8019	宁家山居委会
1558 刘*	3622*********3028	6217*********2209	花桥社区	1558 胡*	4103*********0914	6210*********3322	宁家山居委会
1559 赵**	3622*********6611	6210*********1037	花桥社区	1559 李**	4103*********2863	6210*********5730	宁家山居委会
1560 尹**	3622*********3215	6217*********8715	花桥社区	1560 张**	4103*********0027	6217*********4506	宁家山居委会
1561 丁**	3622*********1512	6210*********6131	花桥社区	1561 王**	4103*********2147	6217*********8019	宁家山居委会
1562 刘*	3622*********3028	6217*********2209	花桥社区	1562 胡*	4103*********0914	6210*********3322	宁家山居委会
1563 赵**	3622*********6611	6210*********1037	花桥社区	1563 李**	4103*********2863	6210*********5730	宁家山居委会
1564 尹**	3622*********3215	6217*********8715	花桥社区	1564 张**	4103*********0027	6217*********4506	宁家山居委会
1565 丁**	3622*********1512	6210*********6131	花桥社区	1565 王**	4103*********2147	6217*********8019	宁家山居委会
1566 刘*	3622*********3028	6217*********2209	花桥社区	1566 胡*	4103*********0914	6210*********3322	宁家山居委会
1567 赵**	3622*********6611	6210*********1037	花桥社区	1567 李**	4103*********2863	6210*********5730	宁家山居委会
1568 尹**	3622*********3215	6217*********8715	花桥社区	1568 张**	4103*********0027	6217*********4506	宁家山居委会
1569 丁**	3622*********1512	6210*********6131	花桥社区	1569 王**	4103*********2147	6217*********8019	宁家山居委会
1570 刘*	3622*********3028	6217*********2209	花桥社区	1570 胡*	4103*********0914	6210*********3322	宁家山居委会
1571 赵**	3622*********6611	6210*********1037	花桥社区	1571 李**	4103*********2863	6210*********5730	宁家山居委会
1572 尹**	3622*********3215	6217*********8715	花桥社区	1572 张**	4103*********0027	6217*********4506	宁家山居委会
1573 丁**	3622*********1512	6210*********6131	花桥社区	1573 王**	4103*********2147	6217*********8019	宁家山居委会
1574 刘*	3622*********3028	6217*********2209	花桥社区	1574 胡*	4103*********0914	6210*********3322	宁家山居委会
1575 赵**	3622*********6611	6210*********1037	花桥社区	1575 李**	4103*********2863	6210*********5730	宁家山居委会
1576 尹**	3622*********3215	6217*********8715	花桥社区	1576 张**	4103*********0027	6217*********4506	宁家山居委会
1577 丁**	3622*********1512	6210*********6131	花桥社区	1577 王**	4103*********2147	6217*********8019	宁家山居委会
1578 刘*	3622*********3028	6217*********2209	花桥社区	1578 胡*	4103*********0914	6210*********3322	宁家山居委会
1579 赵**	3622*********6611	6210*********1037	花桥社区	1579 李**	4103*********2863	6210*********5730	宁家山居委会
1580 尹**	3622*********3215	6217*********8715	花桥社区	1580 张**	4103*********0027	6217*********4506	宁家山居委会
1581 丁**	3622*********1512	6210*********6131	花桥社区	1581 王**	4103*********2147	6217*********8019	宁家山居委会
1582 刘*	3622*********3028	6217*********2209	花桥社区	1582 胡*	4103*********0914	6210*********3322	宁家山居委会
1583 赵**	3622*********6611	6210*********1037	花桥社区	1583 李**	4103*********2863	6210*********5730	宁家山居委会
1584 尹**	3622*********3215	6217*********8715	花桥社区	1584 张**	4103*********0027	6217*********4506	宁家山居委会
1585 丁**	3622*********1512	6210*********6131	花桥社区	1585 王**	4103*********2147	6217*********8019	宁家山居委会
1586 刘*	3622*********3028	6217*********2209	花桥社区	1586 胡*	4103*********0914	6210*********3322	宁家山居委会
1587 赵**	3622*********6611	6210*********1037	花桥社区	1587 李**	4103*********2863	6210*********5730	宁家山居委会
1588 尹**	3622*********3215	6217*********8715	花桥社区	1588 张**	4103*********0027	6217*********4506	宁家山居委会
1589 丁**	3622*********1512	6210*********6131	花桥社区	1589 王**	4103*********2147	6217*********8019	宁家山居委会
1590 刘*	3622*********3028	6217*********2209	花桥社区	1590 胡*	4103*********0914	6210*********3322	宁家山居委会
1591 赵**	3622*********6611	6210*********1037	花桥社区	1591 李**	4103*********2863	6210*********5730	宁家山居委会
1592 尹**	3622*********3215	6217*********8715	花桥社区	1592 张**	4103*********0027	6217*********4506	宁家山居委会
1593 丁**	3622*********1512	6210*********6131	花桥社区	1593 王**	4103*********2147	6217*********8019	宁家山居委会
1594 刘*	3622*********3028	6217*********2209	花桥社区	1594 胡*	4103*********0914	6210*********3322	宁家山居委会
1595 赵**	3622*********6611	6210*********1037	花桥社区	1595 李**	4103*********2863	6210*********5730	宁家山居委会
1596 尹**	3622*********3215	6217*********8715	花桥社区	1596 张**	4103*********0027	6217*********4506	宁家山居委会
1597 丁**	3622*********1512	6210*********6131	花桥社区	1597 王**	4103*********2147	6217*********8019	宁家山居委会
1598 刘*	3622*********3028	6217*********2209	花桥社区	1598 胡*	4103*********0914	6210*********3322	宁家山居委会
1599 赵**	3622*********6611	6210*********1037	花桥社区	1599 李**	4103*********2863	6210*********5730	宁家山居委会
1600 尹**	3622*********3215	6217*********8715	花桥社区	1600 张**	4103*********0027	6217*********4506	宁家山居委会
1601 丁**	3622*********1512	6210*********6131	花桥社区	1601 王**	4103*********2147	6217*********8019	宁家山居委会
1602 刘*	3622*********3028	6217*********2209	花桥社区	1602 胡*	4103*********0914	6210*********3322	宁家山居委会
1603 赵**	3622*********6611	6210*********1037	花桥社区	1603 李**	4103*********2863	6210*********5730	宁家山居委会
1604 尹**	3622*********3215	6217*********8715	花桥社区	1604 张**	4103*********0027	6217*********4506	宁家山居委会
1605 丁**	3622*********1512	6210*********6131	花桥社区	1605 王**	4103*********2147	6217*********8019	宁家山居委会
1606 刘*	3622*********3028	6217*********2209	花桥社区	1606 胡*	4103*********0914	6210*********3322	宁家山居委会
1607 赵**	3622*********6611	6210*********1037	花桥社区	1607 李**	4103*********2863	6210*********5730	宁家山居委会
1608 尹**	3622*********3215	6217*********8715	花桥社区	1608 张**	4103*********0027	6217*********4506	宁家山居委会
1609 丁**	3622*********1512	6210*********6131	花桥社区	1609 王**	4103*********2147	6217*********8019	宁家山居委会
1610 刘*	3622*********3028	6217*********2209	花桥社区	1610 胡*	4103*********0914	6210*********3322	宁家山居委会
1611 赵**	3622*********6611	6210*********1037	花桥社区	1611 李**	4103*********2863	6210*********5730	宁家山居委会
1612 尹**	3622*********3215	6217*********8715	花桥社区	1612 张**	4103*********0027	6217*********4506	宁家山居委会
1613 丁**	3622*********1512	6210*********6131	花桥社区	1613 王**	4103*********2147	6217*********8019	宁家山居委会
1614 刘*	3622*********3028	6217*********2209	花桥社区	1614 胡*	4103*********0914	6210*********3322	宁家山居委会
1615 赵**	3622*********6611	6210*********1037	花桥社区	1615 李**	4103*********2863	6210*********5730	宁家山居委会
1616 尹**	3622*********3215	6217*********8715	花桥社区	1616 张**	4103*********0027	6217*********4506	宁家山居委会
1617 丁**	3622*********1512	6210*********6131	花桥社区	1617 王**	4103*********2147	6217*********8019	宁家山居委会
1618 刘*	3622*********3028	6217*********2209	花桥社区	1618 胡*	4103*********0914	6210*********3322	宁家山居委会
1619 赵**	3622*********6611	6210*********1037	花桥社区	1619 李**	4103*********2863	6210*********5730	宁家山居委会
1620 尹**	3622*********3215	6217*********8715	花桥社区	1620 张**	4103*********0027	6217*********4506	宁家山居委会
1621 丁**	3622*********1512	6210*********6131	花桥社区	1621 王**	4103*********2147	6217*********8019	宁家山居委会
1622 刘*	3622*********3028	6217*********2209	花桥社区	1622 胡*	4103*********0914	6210*********3322	宁家山居委会
1623 赵**	3622*********6611	6210*********1037	花桥社区	1623 李**	4103*********2863	6210*********5730	宁家山居委会
1624 尹**	3622*********3215	6217*********8715	花桥社区	1624 张**	4103*********0027	6217*********4506	宁家山居委会
1625 丁**	3622*********1512	6210*********6131	花桥社区	1625 王**	4103*********2147	6217*********8019	宁家山居委会
1626 刘*	3622*********3028	6217*********2209	花桥社区	1626 胡*	4103*********0914	6210*********3322	宁家山居委会
1627 赵**	3622*********6611	6210*********1037	花桥社区	1627 李**	4103*********2863	6210*********5730	宁家山居委会
1628 尹**	3622*********3215	6217*********8715	花桥社区	1628 张**	4103*********0027	6217*********4506	宁家山居委会
1629 丁**	3622*********1512	6210*********6131	花桥社区	1629 王**	4103*********2147	6217*********8019	宁家山居委会
1630 刘*	3622*********3028	6217*********2209	花桥社区	1630 胡*	4103*********0914	6210*********3322	宁家山居委会
1631 赵**	3622*********6611	6210*********1037	花桥社区	1631 李**	4103*********2863	6210*********5730	宁家山居委会
1632 尹**	3622*********3215	6217*********8715	花桥社区	1632 张**	4103*********0027	6217*********4506	宁家山居委会
1633 丁**	3622*********1512	6210*********6131	花桥社区	1633 王**	4103*********2147	6217*********8019	宁家山居委会
1634 刘*	3622*********3028	6217*********2209	花桥社区	1634 胡*	4103*********0914	6210*********3322	宁家山居委会
1635 赵**	3622*********6611	6210*********1037	花桥社区	1635 李**	4103*********2863	6210*********5730	宁家山居委会
1636 尹**	3622*********3215	6217*********8715	花桥社区	1636 张**	4103*********0027	6217*********4506	宁家山居委会
1637 丁**	3622*********1512	6210*********6131	花桥社区	1637 王**	4103*********2147	6217*********8019	宁家山居委会
1638 刘*	3622*********3028	6217*********2209	花桥社区	1638 胡*	4103*********0914	6210*********3322	宁家山居委会
1639 赵**	3622*********6611	6210*********1037	花桥社区	1639 李**	4103*********2863	6210*********5730	宁家山居委会
1640 尹**	3622*********3215	6217*********8715	花桥社区	1640 张**	4103*********0027	6217*********4506	宁家山居委会
1641 丁**	3622*********1512	6210*********6131	花桥社区	1641 王**	4103*********2147	6217*********8019	宁家山居委会
1642 刘*	3622*********3028	6217*********2209	花桥社区	1642 胡*	4103*********0914	6210*********3322	宁家山居委会
1643 赵**	3622*********6611	6210*********1037	花桥社区	1643 李**	4103*********2863	6210*********5730	宁家山居委会
1644 尹**	3622*********3215	6217*********8715	花桥社区	1644 张**	4103*********0027	6217*********4506	宁家山居委会
1645 丁**	3622*********1512	6210*********6131	花桥社区	1645 王**	4103*********2147	6217*********8019	宁家山居委会
1646 刘*	3622*********3028	6217*********2209	花桥社区	1646 胡*	4103*********0914	6210*********3322	宁家山居委会
1647 赵**	3622*********6611	6210*********1037	花桥社区	1647 李**	4103*********2863	6210*********5730	宁家山居委会
1648 尹**	3622*********3215	6217*********8715	花桥社区	1648 张**	4103*********0027	6217*********4506	宁家山居委会
1649 丁**	3622*********1512	6210*********6131	花桥社区	1649 王**	4103*********2147	6217*********8019	宁家山居委会
1650 刘*	3622*********3028	6217*********2209	花桥社区	1650 胡*	4103*********0914	6210*********3322	宁家山居委会
1651 赵**	3622*********6611	6210*********1037	花桥社区	1651 李**	4103*********2863	6210*********5730	宁家山居委会
1652 尹**	3622*********3215	6217*********8715	花桥社区	1652 张**	4103*********0027	6217*********4506	宁家山居委会
1653 丁**	3622*********1512	6210*********6131	花桥社区	1653 王**	4103*********2147	6217*********8019	宁家山居委会
1654 刘*	3622*********3028	6217*********2209	花桥社区	1654 胡*	4103*********0914	6210*********3322	宁家山居委会
1655 赵**	3622*********6611	6210*********1037	花桥社区	1655 李**	4103*********2863	6210*********5730	宁家山居委会
1656 尹**	3622*********3215	6217*********8715	花桥社区	1656 张**	4103*********0027	6217*********4506	宁家山居委会
1657 丁**	3622*********1512	6210*********6131	花桥社区	1657 王**	4103*********2147	6217*********8019	宁家山居委会
1658 刘*	3622*********3028	6217*********2209	花桥社区	1658 胡*	4103*********0914	6210*********3322	宁家山居委会
1659 赵**	3622*********6611	6210*********1037	花桥社区	1659 李**	4103*********2863	6210*********5730	宁家山居委会
1660 尹**	3622*********3215	6217*********8715	花桥社区	1660 张**	4103*********0027	6217*********4506	宁家山居委会
1661 丁**	3622*********1512	6210*********6131	花桥社区	1661 王**	4103*********2147	6217*********8019	宁家山居委会
1662 刘*	3622*********3028	6217*********2209	花桥社区	1662 胡*	4103*********0914	6210*********3322	宁家山居委会
1663 赵**	3622*********6611	6210*********1037	花桥社区	1663 李**	4103*********2863	6210*********5730	宁家山居委会
1664 尹**	3622*********3215	6217*********8715	花桥社区	1664 张**	4103*********0027	6217*********4506	宁家山居委会
1665 丁**	3622*********1512	6210*********6131	花桥社区	1665 王**	4103*********2147	6217*********8019	宁家山居委会
1666 刘*	3622*********3028	6217*********2209	花桥社区	1666 胡*	4103*********0914	6210*********3322	宁家山居委会
1667 赵**	3622*********6611	6210*********1037	花桥社区	1667 李**	4103*********2863	6210*********5730	宁家山居委会
1668 尹**	3622*********3215	6217*********8715	花桥社区	1668 张**	4103*********0027	6217*********4506	宁家山居委会
1669 丁**	3622*********1512	6210*********6131	花桥社区	1669 王**	4103*********2147	6217*********8019	宁家山居委会
1670 刘*	3622*********3028	6217*********2209	花桥社区	1670 胡*	4103*********0914	6210*********3322	宁家山居委会
1671 赵**	3622*********6611	6210*********1037	花桥社区	1671 李**	4103*********2863	6210*********5730	宁家山居委会
1672 尹**	3622*********3215	6217*********8715	花桥社区	1672 张**	4103*********0027	6217*********4506	宁家山居委会
1673 丁**	3622*********1512	6210*********6131	花桥社区	1673 王**	4103*********2147	6217*********8019	宁家山居委会
1674 刘*	3622*********3028	6217*********2209	花桥社区	1674 胡*	4103*********0914	6210*********3322	宁家山居委会
1675 赵**	3622*********6611	6210*********1037	花桥社区	1675 李**	4103*********2863	6210*********5730	宁家山居委会
1676 尹**	3622*********3215	6217*********8715	花桥社区	1676 张**	4103*********0027	6217*********4506	宁家山居委会
1677 丁**	3622*********1512	6210*********6131	花桥社区	1677 王**	4103*********2147	6217*********8019	宁家山居委会
1678 刘*	3622*********3028	6217*********2209	花桥社区	1678 胡*	4103*********0914	6210*********3322	宁家山居委会
1679 赵**	3622*********6611	6210*********1037	花桥社区	1679 李**	4103*********2863	6210*********5730	宁家山居委会
1680 尹**	3622*********3215	6217*********8715	花桥社区	1680 张**	4103*********0027	6217*********4506	宁家山居委会
1681 丁**	3622*********1512	6210*********6131	花桥社区	1681 王**	4103*********2147	6217*********8019	宁家山居委会
1682 刘*	3622*********3028	6217*********2209	花桥社区	1682 胡*	4103*********0914	6210*********3322	宁家山居委会
1683 赵**	3622*********6611	6210*********1037	花桥社区	1683 李**	4103*********2863	6210*********5730	宁家山居委会
1684 尹**	3622*********3215	6217*********8715	花桥社区	1684 张**	4103*********0027	6217*********4506	宁家山居委会
1685 丁**	3622*********1512	6210*********6131	花桥社区	1685 王**	4103*********2147	6217*********8019	宁家山居委会
1686 刘*	3622*********3028	6217*********2209	花桥社区	1686 胡*	4103*********0914	6210*********3322	宁家山居委会
1687 赵**	3622*********6611	6210*********1037	花桥社区	1687 李**	4103*********2863	6210*********5730	宁家山居委会
1688 尹**	3622*********3215	6217*********8715	花桥社区	1688 张**	4103*********0027	6217*********4506	宁家山居委会
1689 丁**	3622*********1512	6210*********6131	花桥社区	1689 王**	4103*********2147	6217*********8019	宁家山居委会
1690 刘*	3622*********3028	6217*********2209	花桥社区	1690 胡*	4103*********0914	6210*********3322	宁家山居委会
1691 赵**	3622*********6611	6210*********1037	花桥社区	1691 李**	4103*********2863	6210*********5730	宁家山居委会
1692 尹**	3622*********3215	6217*********8715	花桥社区	1692 张**	4103*********0027	6217*********4506	宁家山居委会
1693 丁**	3622*********1512	6210*********6131	花桥社区	1693 王**	4103*********2147	6217*********8019	宁家山居委会
1694 刘*	3622*********3028	6217*********2209	花桥社区	1694 胡*	4103*********0914	6210*********3322	宁家山居委会
1695 赵**	3622*********6611	6210*********1037	花桥社区	1695 李**	4103*********2863	6210*********5730	宁家山居委会
1696 尹**	3622*********3215	6217*********8715	花桥社区	1696 张**	4103*********0027	6217*********4506	宁家山居委会
1697 丁**	3622*********1512	6210*********6131	花桥社区	1697 王**	4103*********2147	6217*********8019	宁家山居委会
1698 刘*	3622*********3028	6217*********2209	花桥社区	1698 胡*	4103*********0914	6210*********3322	宁家山居委会
1699 赵**	3622*********6611	6210*********1037	花桥社区	1699 李**	4103*********2863	6210*********5730	宁家山居委会
1700 尹**	3622*********3215	6217*********8715	花桥社区	1700 张**	4103*********0027	6217*********4506	宁家山居委会
1701 丁**	3622*********1512	6210*********6131	花桥社区	1701 王**	4103*********2147	6217*********8019	宁家山居委会
1702 刘*	3622*********3028	6217*********2209	花桥社区	1702 胡*	4103*********0914	6210*********3322	宁家山居委会
1703 赵**	3622*********6611	6210*********1037	花桥社区	1703 李**	4103*********2863	6210*********5730	宁家山居委会
1704 尹**	3622*********3215	6217*********8715	花桥社区	1704 张**	4103*********0027	6217*********4506	宁家山居委会
1705 丁**	3622*********1512	6210*********6131	花桥社区	1705 王**	4103*********2147	6217*********8019	宁家山居委会
1706 刘*	3622*********3028	6217*********2209	花桥社区	1706 胡*	4103*********0914	6210*********3322	宁家山居委会
1707 赵**	3622*********6611	6210*********1037	花桥社区	1707 李**	4103*********2863	6210*********5730	宁家山居委会
1708 尹**	3622*********3215	6217*********8715	花桥社区	1708 张**	4103*********0027	6217*********4506	宁家山居委会
1709 丁**	3622*********1512	6210*********6131	花桥社区	1709 王**	4103*********2147	6217*********8019	宁家山居委会
1710 刘*	3622*********3028	6217*********2209	花桥社区	1710 胡*	4103*********0914	6210*********3322	宁家山居委会
1711 赵**	3622*********6611	6210*********1037	花桥社区	1711 李**	4103*********2863	6210*********5730	宁家山居委会
1712 尹**	3622*********3215	6217*********8715	花桥社区	1712 张**	4103*********0027	6217*********4506	宁家山居委会
1713 丁**	3622*********1512	6210*********6131	花桥社区	1713 王**	4103*********2147	6217*********8019	宁家山居委会
1714 刘*	3622*********3028	6217*********2209	花桥社区	1714 胡*	4103*********0914	6210*********3322	宁家山居委会
1715 赵**	3622*********6611	6210*********1037	花桥社区	1715 李**	4103*********2863	6210*********5730	宁家山居委会
1716 尹**	3622*********3215	6217*********8715	花桥社区	1716 张**	4103*********0027	6217*********4506	宁家山居委会
1717 丁**	3622*********1512	6210*********6131	花桥社区	1717 王**	4103*********2147	6217*********8019	宁家山居委会
1718 刘*	3622*********3028	6217*********2209	花桥社区	1718 胡*	4103*********0914	6210*********3322	宁家山居委会
1719 赵**	3622*********6611	6210*********1037	花桥社区	1719 李**	4103*********2863	6210*********5730	宁家山居委会
1720 尹**	3622*********3215	6217*********8715	花桥社区	1720 张**	4103*********0027	6217*********4506	宁家山居委会
1721 丁**	3622*********1512	6210*********6131	花桥社区	1721 王**	4103*********2147	6217*********8019	宁家山居委会
1722 刘*	3622*********3028	6217*********2209	花桥社区	1722 胡*	4103*********0914	6210*********3322	宁家山居委会
1723 赵**	3622*********6611	6210*********1037	花桥社区	1723 李**	4103*********2863	6210*********5730	宁家山居委会
1724 尹**	3622*********3215	6217*********8715	花桥社区	1724 张**	4103*********0027	6217*********4506	宁家山居委会
1725 丁**	3622*********1512	6210*********6131	花桥社区	1725 王**	4103*********2147	6217*********8019	宁家山居委会
1726 刘*	3622*********3028	6217*********2209	花桥社区	1726 胡*	4103*********0914	6210*********3322	宁家山居委会
1727 赵**	3622*********6611	6210*********1037	花桥社区	1727 李**	4103*********2863	6210*********5730	宁家山居委会
1728 尹**	3622*********3215	6217*********8715	花桥社区	1728 张**	4103*********0027	6217*********4506	宁家山居委会
1729 丁**	3622*********1512	6210*********6131	花桥社区	1729 王**	4103*********2147	6217*********8019	宁家山居委会
1730 刘*	3622*********3028	6217*********2209	花桥社区	1730 胡*	4103*********0914	6210*********3322	宁家山居委会
1731 赵**	3622*********6611	6210*********1037	花桥社区	1731 李**	4103*********2863	6210*********5730	宁家山居委会
1732 尹**	3622*********3215	6217*********8715	花桥社区	1732 张**	4103*********0027	6217*********4506	宁家山居委会
1733 丁**	3622*********1512	6210*********6131	花桥社区	1733 王**	4103*********2147	6217*********8019	宁家山居委会
1734 刘*	3622*********3028	6217*********2209	花桥社区	1734 胡*	4103*********0914	6210*********3322	宁家山居委会
1735 赵**	3622*********6611	6210*********1037	花桥社区	1735 李**	4103*********2863	6210*********5730	宁家山居委会
1736 尹**	3622*********3215	6217*********8715	花桥社区	1736 张**	4103*********0027	6217*********4506	宁家山居委会
1737 丁**	3622*********1512	6210*********6131	花桥社区	1737 王**	4103*********2147	6217*********8019	宁家山居委会
1738 刘*	3622*********3028	6217*********2209	花桥社区	1738 胡*	4103*********0914	6210*********3322	宁家山居委会
1739 赵**	3622*********6611	6210*********1037	花桥社区	1739 李**	4103*********2863	6210*********5730	宁家山居委会
1740 尹**	3622*********3215	6217*********8715	花桥社区	1740 张**	4103*********0027	6217*********4506	宁家山居委会
1741 丁**	3622*********1512	6210*********6131	花桥社区	1741 王**	4103*********2147	6217*********8019	宁家山居委会
1742 刘*	3622*********3028	6217*********2209	花桥社区	1742 胡*	4103*********0914	6210*********3322	宁家山居委会
1743 赵**	3622*********6611	6210*********1037	花桥社区	1743 李**	4103*********2863	6210*********5730	宁家山居委会
1744 尹**	3622*********3215	6217*********8715	花桥社区	1744 张**	4103*********0027	6217*********4506	宁家山居委会
1745 丁**	3622*********1512	6210*********6131	花桥社区	1745 王**	4103*********2147	6217*********8019	宁家山居委会
1746 刘*	3622*********3028	6217*********2209	花桥社区	1746 胡*	4103*********0914	6210*********3322	宁家山居委会
1747 赵**	3622*********6611	6210*********1037	花桥社区	1747 李**	4103*********2863	6210*********5730	宁家山居委会
1748 尹**	3622*********3215	6217*********8715	花桥社区	1748 张**	4103*********0027	6217*********4506	宁家山居委会
1749 丁**	3622*********1512	6210*********6131	花桥社区	1749 王**	4103*********2147	6217*********8019	宁家山居委会
1750 刘*	3622*********3028	6217*********2209	花桥社区	1750 胡*	4103*********0914	6210*********3322	宁家山居委会
1751 赵**	3622*********6611	6210*********1037	花桥社区	1751 李**	4103*********2863	6210*********5730	宁家山居委会
1752 尹**	3622*********3215	6217*********8715	花桥社区	1752 张**	4103*********0027	6217*********4506	宁家山居委会
1753 丁**	3622*********1512	6210*********6131	花桥社区	1753 王**	4103*********2147	6217*********8019	宁家山居委会
1754 刘*	3622*********3028	6217*********2209	花桥社区	1754 胡*	4103*********0914	6210*********3322	宁家山居委会
1755 赵**	3622*********6611	6210*********1037	花桥社区	1755 李**	4103*********2863	6210*********5730	宁家山居委会
1756 尹**	3622*********3215	6217*********8715	花桥社区	1756 张**	4103*********0027	6217*********4506	宁家山居委会
1757 丁**	3622*********1512	6210*********6131	花桥社区	1757 王**	4103*********2147	6217*********8019	宁家山居委会
1758 刘*	3622*********3028	6217*********2209	花桥社区	1758 胡*	4103*********0914	6210*********3322	宁家山居委会
1759 赵**	3622*********6611	6210*********1037	花桥社区	1759 李**	4103*********2863	6210*********5730	宁家山居委会
1760 尹**	3622*********3215	6217*********8715	花桥社区	1760 张**	4103*********0027	6217*********4506	宁家山居委会
1761 丁**	3622*********1512	6210*********6131	花桥社区	1761 王**	4103*********2147	6217*********8019	宁家山居委会
1762 刘*	3622*********3028	6217*********2209	花桥社区	1762 胡*	4103*********0914	6210*********3322	宁家山居委会
1763 赵**	3622*********6611	6210*********1037	花桥社区	1763 李**	4103*********2863	6210*********5730	宁家山居委会
1764 尹**	3622*********3215	6217*********8715	花桥社区	1764 张**	4103*********0027	6217*********4506	宁家山居委会
1765 丁**	3622*********1512	6210*********6131	花桥社区	1765 王**	4103*********2147	6217*********8019	宁家山居委会
1766 刘*	3622*********3028	6217*********2209	花桥社区	1766 胡*	4103*********0914	6210*********3322	宁家山居委会
1767 赵**	3622*********6611	6210*********1037	花桥社区	1767 李**	4103*********2863	6210*********5730	宁家山居委会
1768 尹**	3622*********3215	6217*********8715	花桥社区	1768 张**	4103*********0027	6217*********4506	宁家山居委会
1769 丁**	3622*********1512	6210*********6131	花桥社区	1769 王**	4103*********2147	6217*********8019	宁家山居委会
1770 刘*	3622*********3028	6217*********2209	花桥社区	1770 胡*	4103*********0914	6210*********3322	宁家山居委会
1771 赵**	3622*********6611	6210*********1037	花桥社区	1771 李**	4103*********2863	6210*********5730	宁家山居委会
1772 尹**	3622*********3215	6217*********8715	花桥社区	1772 张**	4103*********0027	6217*********4506	宁家山居委会
1773 丁**	3622*********1512	6210*********6131	花桥社区	1773 王**	4103*********2147	6217*********8019	宁家山居委会
1774 刘*	3622*********3028	6217*********2209	花桥社区	1774 胡*	4103*********0914	6210*********3322	宁家山居委会
1775 赵**	3622*********6611	6210*********1037	花桥社区	1775 李**	4103*********2863	6210*********5730	宁家山居委会
1776 尹**	3622*********3215	6217*********8715	花桥社区	1776 张**	4103*********0027	6217*********4506	宁家山居委会
1777 丁**	3622*********1512	6210*********6131	花桥社区	1777 王**	4103*********2147	6217*********8019	宁家山居委会
1778 刘*	3622*********3028	6217*********2209	花桥社区	1778 胡*	4103*********0914	6210*********3322	宁家山居委会
1779 赵**	3622*********6611	6210*********1037	花桥社区	1779 李**	4103*********2863	6210*********5730	宁家山居委会
1780 尹**	3622*********3215	6217*********8715	花桥社区	1780 张**	4103*********0027	6217*********4506	宁家山居委会
1781 丁**	3622*********1512	6210*********6131	花桥社区	1781 王**	4103*********2147	6217*********8019	宁家山居委会
1782 刘*	3622*********3028	6217*********2209	花桥社区	1782 胡*	4103*********0914	6210*********3322	宁家山居委会
1783 赵**	3622*********6611	6210*********1037	花桥社区	1783 李**	4103*********2863	6210*********5730	宁家山居委会
1784 尹**	3622*********3215	6217*********8715	花桥社区	1784 张**	4103*********0027	6217*********4506	宁家山居委会
1785 丁**	3622*********1512	6210*********6131	花桥社区	1785 王**	4103*********2147	6217*********8019	宁家山居委会
1786 刘*	3622*********3028	6217*********2209	花桥社区	1786 胡*	4103*********0914	6210*********3322	宁家山居委会
1787 赵**	3622*********6611	6210*********1037	花桥社区	1787 李**	4103*********2863	6210*********5730	宁家山居委会
1788 尹**	3622*********3215	6217*********8715	花桥社区	1788 张**	4103*********0027	6217*********4506	宁家山居委会
1789 丁**	3622*********1512	6210*********6131	花桥社区	1789 王**	4103*********2147	6217*********8019	宁家山居委会
1790 刘*	3622*********3028	6217*********2209	花桥社区	1790 胡*	4103*********0914	6210*********3322	宁家山居委会
1791 赵**	3622*********6611	6210*********1037	花桥社区	1791 李**	4103*********2863	6210*********5730	宁家山居委会
1792 尹**	3622*********3215	6217*********8715	花桥社区	1792 张**	4103*********0027	6217*********4506	宁家山居委会
1793 丁**	3622*********1512	6210*********6131	花桥社区	1793 王**	4103*********2147	6217*********8019	宁家山居委会
1794 刘*	3622*********3028	6217*********2209	花桥社区	1794 胡*	4103*********0914	6210*********3322	宁家山居委会
1795 赵**	3622*********6611	6210*********1037	花桥社区	1795 李**	4103*********2863	6210*********5730	宁家山居委会
1796 尹**	3622*********3215	6217*********8715	花桥社区	1796 张**	4103*********0027	6217*********4506	宁家山居委会
1797 丁**	3622*********1512	6210*********6131	花桥社区	1797 王**	4103*********2147	6217*********8019	宁家山居委会
1798 刘*	3622*********3028	6217*********2209	花桥社区	1798 胡*	4103*********0914	6210*********3322	宁家山居委会
1799 赵**	3622*********6611	6210*********1037	花桥社区	1799 李**	4103*********2863	6210*********5730	宁家山居委会
1800 尹**	3622*********3215	6217*********8715	花桥社区	1800 张**	4103*********0027	6217*********4506	宁家山居委会
1801 丁**	3622*********1512	6210*********6131	花桥社区	1801 王**	4103*********2147	6217*********8019	宁家山居委会
1802 刘*	3622*********3028	6217*********2209	花桥社区	1802 胡*	4103*********0914	6210*********3322	宁家山居委会
1803 赵**	3622*********6611	6210*********1037	花桥社区	1803 李**	4103*********2863	6210*********5730	宁家山居委会
1804 尹**	3622*********3215	6217*********8715	花桥社区	1804 张**	4103*********0027	6217*********4506	宁家山居委会
1805 丁**	3622*********1512	6210*********6131	花桥社区	1805 王**	4103*********2147	6217*********8019	宁家山居委会
1806 刘*	3622*********3028	6217*********2209	花桥社区	1806 胡*	4103*********0914	6210*********3322	宁家山居委会
1807 赵**	3622*********6611	6210*********1037	花桥社区	1807 李**	4103*********2863	6210*********5730	宁家山居委会
1808 尹**	3622*********3215	6217*********8715	花桥社区	1808 张**	4103*********0027	6217*********4506	宁家山居委会
1809 丁**	3622*********1512	6210*********6131	花桥社区	1809 王**	4103*********2147	6217*********8019	宁家山居委会
1810 刘*	3622*********3028	6217*********2209	花桥社区	1810 胡*	4103*********0914	6210*********3322	宁家山居委会
1811 赵**	3622*********6611	6210*********1037	花桥社区	1811 李**	4103*********2863	6210*********5730	宁家山居委会
1812 尹**	3622*********3215	6217*********8715	花桥社区	1812 张**	4103*********0027	6217*********4506	宁家山居委会
1813 丁**	3622*********1512	6210*********6131	花桥社区	1813 王**	4103*********2147	6217*********8019	宁家山居委会
1814 刘*	3622*********3028	6217*********2209	花桥社区	1814 胡*	4103*********0914	6210*********3322	宁家山居委会
1815 赵**	3622*********6611	6210*********1037	花桥社区	1815 李**	4103*********2863	6210*********5730	宁家山居委会
1816 尹**	3622*********3215	6217*********8715	花桥社区	1816 张**	4103*********0027	6217*********4506	宁家山居委会
1817 丁**	3622*********1512	6210*********6131	花桥社区	1817 王**	4103*********2147	6217*********8019	宁家山居委会
1818 刘*	3622*********3028	6217*********2209	花桥社区	1818 胡*	4103*********0914	6210*********3322	宁家山居委会
1819 赵**	3622*********6611	6210*********1037	花桥社区	1819 李**	4103*********2863	6210*********5730	宁家山居委会
1820 尹**	3622*********3215	6217*********8715	花桥社区	1820 张**	4103*********0027	6217*********4506	宁家山居委会
1821 丁**	3622*********1512	6210*********6131	花桥社区	1821 王**	4103*********2147	6217*********8019	宁家山居委会
1822 刘*	3622*********3028	6217*********2209	花桥社区	1822 胡*	4103*********0914	6210*********3322	宁家山居委会
1823 赵**	3622*********6611	6210*********1037	花桥社区	1823 李**	4103*********2863	6210*********5730	宁家山居委会
1824 尹**	3622*********3215	6217*********8715	花桥社区	1824 张**	4103*********0027	6217*********4506	宁家山居委会
1825 丁**	3622*********1512	6210*********6131	花桥社区	1825 王**	4103*********2147	6217*********8019	宁家山居委会
1826 刘*	3622*********3028	6217*********2209	花桥社区	1826 胡*	4103*********0914	6210*********3322	宁家山居委会
1827 赵**	3622*********6611	6210*********1037	花桥社区	1827 李**	4103*********2863	6210*********5730	宁家山居委会
1828 尹**	3622*********3215	6217*********8715	花桥社区	1828 张**	4103*********0027	6217*********4506	宁家山居委会
1829 丁**	3622*********1512	6210*********6131	花桥社区	1829 王**	4103*********2147	6217*********8019	宁家山居委会
1830 刘*	3622*********3028	6217*********2209	花桥社区	1830 胡*	4103*********0914	6210*********3322	宁家山居委会
1831 赵**	3622*********6611	6210*********1037	花桥社区	1831 李**	4103*********2863	6210*********5730	宁家山居委会
1832 尹**	3622*********3215	6217*********8715	花桥社区	1832 张**	4103*********0027	6217*********4506	宁家山居委会
1833 丁**	3622*********1512	6210*********6131	花桥社区	1833 王**	4103*********2147	6217*********8019	宁家山居委会
1834 刘*	3622*********3028	6217*********2209	花桥社区	1834 胡*	4103*********0914	6210*********3322	宁家山居委会 今日新闻
